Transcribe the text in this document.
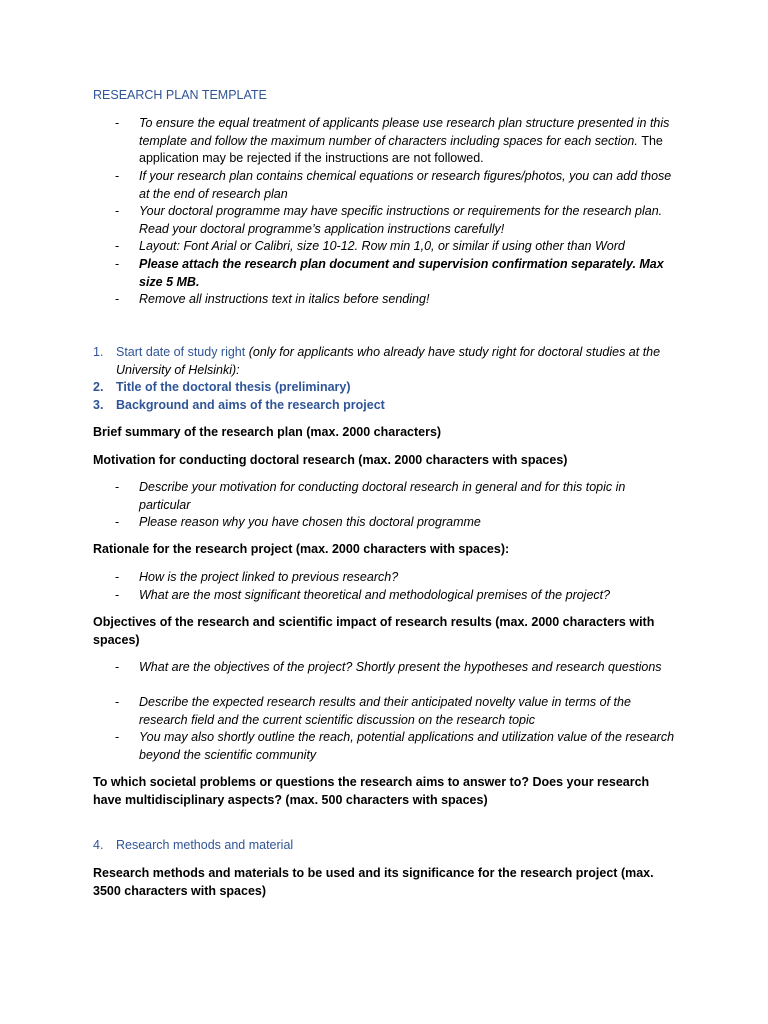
RESEARCH PLAN TEMPLATE
- To ensure the equal treatment of applicants please use research plan structure presented in this template and follow the maximum number of characters including spaces for each section. The application may be rejected if the instructions are not followed.
- If your research plan contains chemical equations or research figures/photos, you can add those at the end of research plan
- Your doctoral programme may have specific instructions or requirements for the research plan. Read your doctoral programme’s application instructions carefully!
- Layout: Font Arial or Calibri, size 10-12. Row min 1,0, or similar if using other than Word
- Please attach the research plan document and supervision confirmation separately. Max size 5 MB.
- Remove all instructions text in italics before sending!
1. Start date of study right (only for applicants who already have study right for doctoral studies at the University of Helsinki):
2. Title of the doctoral thesis (preliminary)
3. Background and aims of the research project
Brief summary of the research plan (max. 2000 characters)
Motivation for conducting doctoral research (max. 2000 characters with spaces)
- Describe your motivation for conducting doctoral research in general and for this topic in particular
- Please reason why you have chosen this doctoral programme
Rationale for the research project (max. 2000 characters with spaces):
- How is the project linked to previous research?
- What are the most significant theoretical and methodological premises of the project?
Objectives of the research and scientific impact of research results (max. 2000 characters with spaces)
- What are the objectives of the project? Shortly present the hypotheses and research questions
- Describe the expected research results and their anticipated novelty value in terms of the research field and the current scientific discussion on the research topic
- You may also shortly outline the reach, potential applications and utilization value of the research beyond the scientific community
To which societal problems or questions the research aims to answer to? Does your research have multidisciplinary aspects? (max. 500 characters with spaces)
4. Research methods and material
Research methods and materials to be used and its significance for the research project (max. 3500 characters with spaces)
